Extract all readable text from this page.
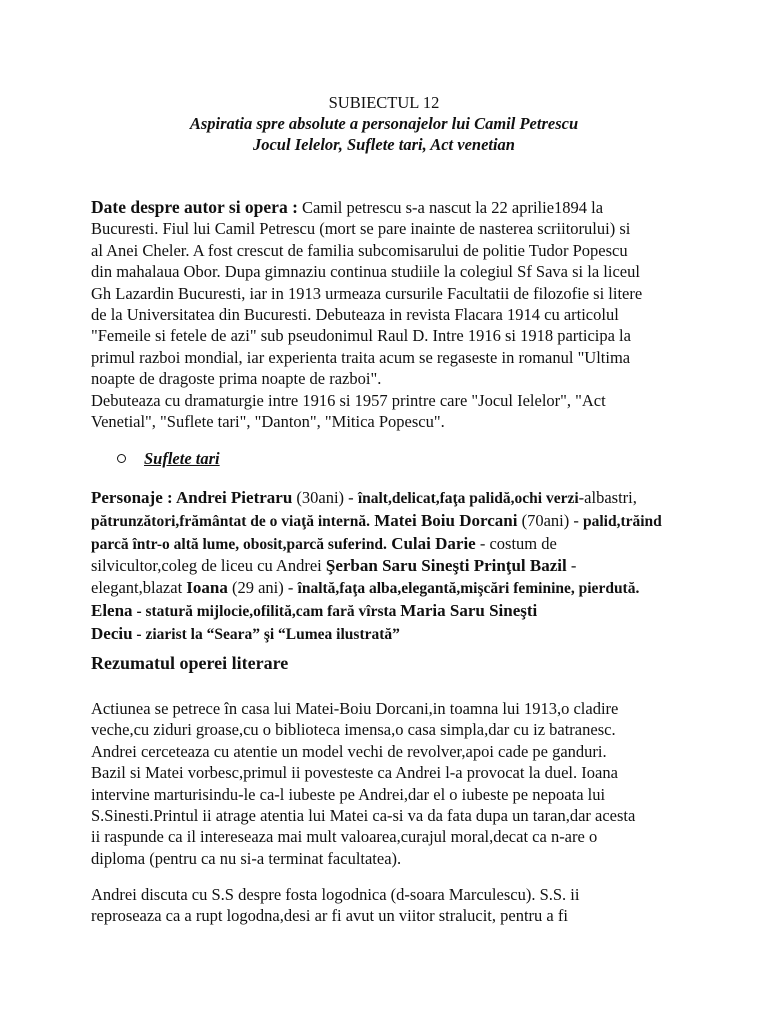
SUBIECTUL 12
Aspiratia spre absolute a personajelor lui Camil Petrescu
Jocul Ielelor, Suflete tari, Act venetian
Date despre autor si opera : Camil petrescu s-a nascut la 22 aprilie1894 la
Bucuresti. Fiul lui Camil Petrescu (mort se pare inainte de nasterea scriitorului) si
al Anei Cheler. A fost crescut de familia subcomisarului de politie Tudor Popescu
din mahalaua Obor. Dupa gimnaziu continua studiile la colegiul Sf Sava si la liceul
Gh Lazardin Bucuresti, iar in 1913 urmeaza cursurile Facultatii de filozofie si litere
de la Universitatea din Bucuresti. Debuteaza in revista Flacara 1914 cu articolul
"Femeile si fetele de azi" sub pseudonimul Raul D. Intre 1916 si 1918 participa la
primul razboi mondial, iar experienta traita acum se regaseste in romanul "Ultima
noapte de dragoste prima noapte de razboi".
Debuteaza cu dramaturgie intre 1916 si 1957 printre care "Jocul Ielelor", "Act
Venetial", "Suflete tari", "Danton", "Mitica Popescu".
Suflete tari
Personaje : Andrei Pietraru (30ani) - înalt,delicat,faţa palidă,ochi verzi-albastri,
pătrunzători,frământat de o viaţă internă. Matei Boiu Dorcani (70ani) - palid,trăind
parcă într-o altă lume, obosit,parcă suferind. Culai Darie - costum de
silvicultor,coleg de liceu cu Andrei Şerban Saru Sineşti Prinţul Bazil -
elegant,blazat Ioana (29 ani) - înaltă,faţa alba,elegantă,mişcări feminine, pierdută.
Elena - statură mijlocie,ofilită,cam fară vîrsta Maria Saru Sineşti
Deciu - ziarist la “Seara” şi “Lumea ilustrată”
Rezumatul operei literare
Actiunea se petrece în casa lui Matei-Boiu Dorcani,in toamna lui 1913,o cladire
veche,cu ziduri groase,cu o biblioteca imensa,o casa simpla,dar cu iz batranesc.
Andrei cerceteaza cu atentie un model vechi de revolver,apoi cade pe ganduri.
Bazil si Matei vorbesc,primul ii povesteste ca Andrei l-a provocat la duel. Ioana
intervine marturisindu-le ca-l iubeste pe Andrei,dar el o iubeste pe nepoata lui
S.Sinesti.Printul ii atrage atentia lui Matei ca-si va da fata dupa un taran,dar acesta
ii raspunde ca il intereseaza mai mult valoarea,curajul moral,decat ca n-are o
diploma (pentru ca nu si-a terminat facultatea).
Andrei discuta cu S.S despre fosta logodnica (d-soara Marculescu). S.S. ii
reproseaza ca a rupt logodna,desi ar fi avut un viitor stralucit, pentru a fi
